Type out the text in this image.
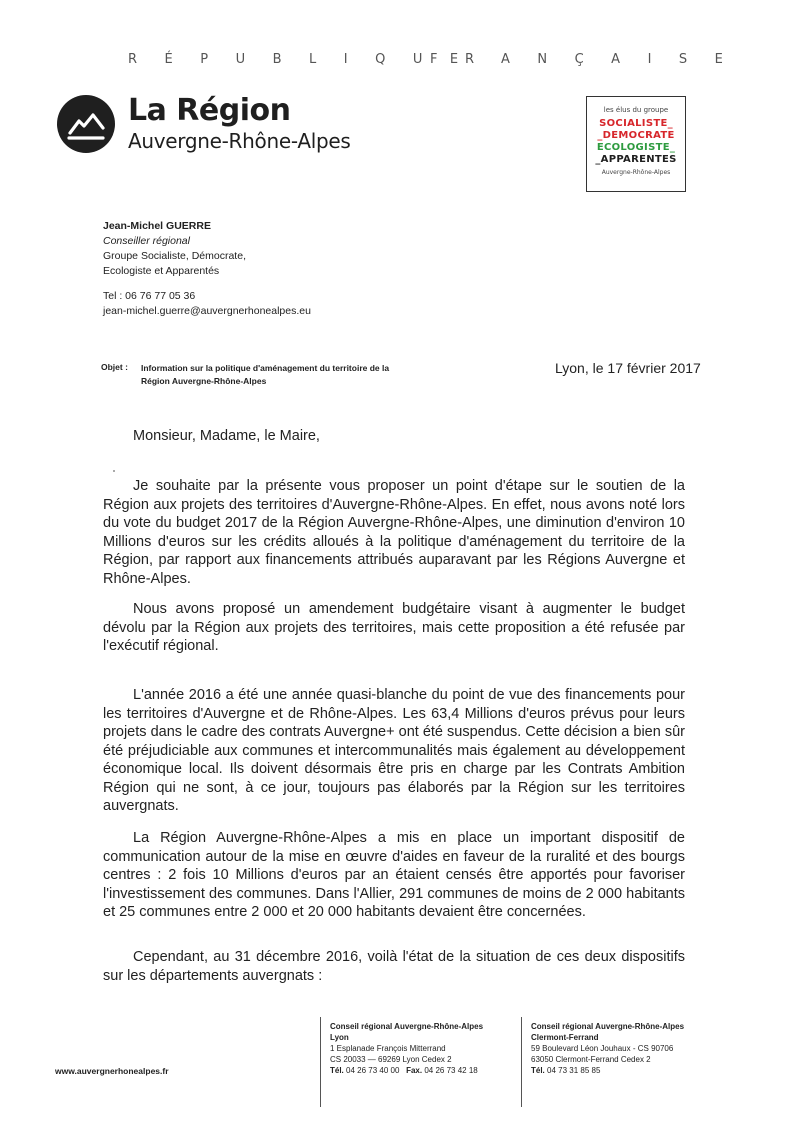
RÉPUBLIQUE
FRANÇAISE
La Région
Auvergne-Rhône-Alpes
les élus du groupe
SOCIALISTE_
_DEMOCRATE
ECOLOGISTE_
_APPARENTES
Auvergne-Rhône-Alpes
Jean-Michel GUERRE
Conseiller régional
Groupe Socialiste, Démocrate,
Ecologiste et Apparentés
Tel : 06 76 77 05 36
jean-michel.guerre@auvergnerhonealpes.eu
Objet : Information sur la politique d'aménagement du territoire de la
Région Auvergne-Rhône-Alpes
Lyon, le 17 février 2017
Monsieur, Madame, le Maire,
Je souhaite par la présente vous proposer un point d'étape sur le soutien de la Région aux projets des territoires d'Auvergne-Rhône-Alpes. En effet, nous avons noté lors du vote du budget 2017 de la Région Auvergne-Rhône-Alpes, une diminution d'environ 10 Millions d'euros sur les crédits alloués à la politique d'aménagement du territoire de la Région, par rapport aux financements attribués auparavant par les Régions Auvergne et Rhône-Alpes.
Nous avons proposé un amendement budgétaire visant à augmenter le budget dévolu par la Région aux projets des territoires, mais cette proposition a été refusée par l'exécutif régional.
L'année 2016 a été une année quasi-blanche du point de vue des financements pour les territoires d'Auvergne et de Rhône-Alpes. Les 63,4 Millions d'euros prévus pour leurs projets dans le cadre des contrats Auvergne+ ont été suspendus. Cette décision a bien sûr été préjudiciable aux communes et intercommunalités mais également au développement économique local. Ils doivent désormais être pris en charge par les Contrats Ambition Région qui ne sont, à ce jour, toujours pas élaborés par la Région sur les territoires auvergnats.
La Région Auvergne-Rhône-Alpes a mis en place un important dispositif de communication autour de la mise en œuvre d'aides en faveur de la ruralité et des bourgs centres : 2 fois 10 Millions d'euros par an étaient censés être apportés pour favoriser l'investissement des communes. Dans l'Allier, 291 communes de moins de 2 000 habitants et 25 communes entre 2 000 et 20 000 habitants devaient être concernées.
Cependant, au 31 décembre 2016, voilà l'état de la situation de ces deux dispositifs sur les départements auvergnats :
www.auvergnerhonealpes.fr
Conseil régional Auvergne-Rhône-Alpes
Lyon
1 Esplanade François Mitterrand
CS 20033 — 69269 Lyon Cedex 2
Tél. 04 26 73 40 00 Fax. 04 26 73 42 18
Conseil régional Auvergne-Rhône-Alpes
Clermont-Ferrand
59 Boulevard Léon Jouhaux - CS 90706
63050 Clermont-Ferrand Cedex 2
Tél. 04 73 31 85 85
